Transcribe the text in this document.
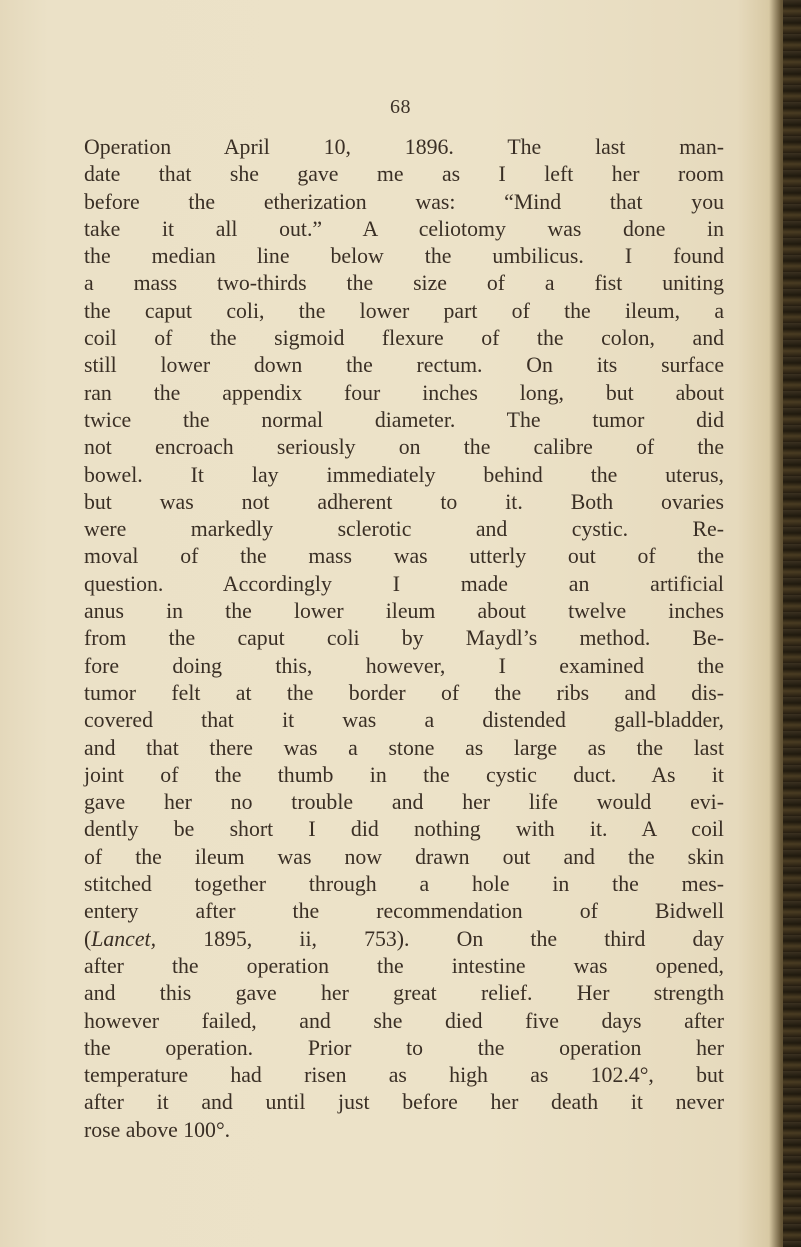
68
Operation April 10, 1896. The last man-
date that she gave me as I left her room
before the etherization was: “Mind that you
take it all out.” A celiotomy was done in
the median line below the umbilicus. I found
a mass two-thirds the size of a fist uniting
the caput coli, the lower part of the ileum, a
coil of the sigmoid flexure of the colon, and
still lower down the rectum. On its surface
ran the appendix four inches long, but about
twice the normal diameter. The tumor did
not encroach seriously on the calibre of the
bowel. It lay immediately behind the uterus,
but was not adherent to it. Both ovaries
were markedly sclerotic and cystic. Re-
moval of the mass was utterly out of the
question. Accordingly I made an artificial
anus in the lower ileum about twelve inches
from the caput coli by Maydl’s method. Be-
fore doing this, however, I examined the
tumor felt at the border of the ribs and dis-
covered that it was a distended gall-bladder,
and that there was a stone as large as the last
joint of the thumb in the cystic duct. As it
gave her no trouble and her life would evi-
dently be short I did nothing with it. A coil
of the ileum was now drawn out and the skin
stitched together through a hole in the mes-
entery after the recommendation of Bidwell
(Lancet, 1895, ii, 753). On the third day
after the operation the intestine was opened,
and this gave her great relief. Her strength
however failed, and she died five days after
the operation. Prior to the operation her
temperature had risen as high as 102.4°, but
after it and until just before her death it never
rose above 100°.
